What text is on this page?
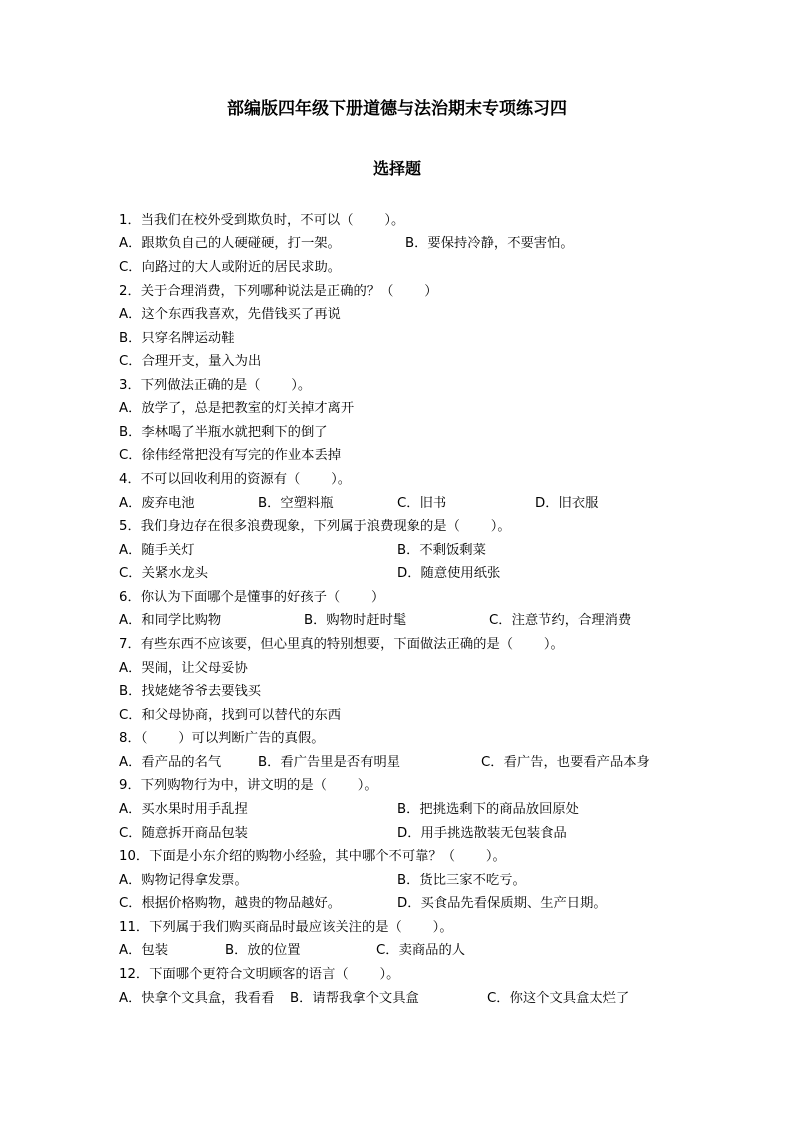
部编版四年级下册道德与法治期末专项练习四
选择题
1．当我们在校外受到欺负时，不可以（　　 ）。

A．跟欺负自己的人硬碰硬，打一架。

	B．要保持冷静，不要害怕。

C．向路过的大人或附近的居民求助。
2．关于合理消费，下列哪种说法是正确的？（　　 ）
A．这个东西我喜欢，先借钱买了再说
B．只穿名牌运动鞋
C．合理开支，量入为出
3．下列做法正确的是（　　 ）。
A．放学了，总是把教室的灯关掉才离开
B．李林喝了半瓶水就把剩下的倒了
C．徐伟经常把没有写完的作业本丢掉
4．不可以回收利用的资源有（　　 ）。

A．废弃电池

	B．空塑料瓶

	C．旧书

	D．旧衣服

5．我们身边存在很多浪费现象，下列属于浪费现象的是（　　 ）。

A．随手关灯

	B．不剩饭剩菜

C．关紧水龙头

	D．随意使用纸张

6．你认为下面哪个是懂事的好孩子（　　 ）

A．和同学比购物

	B．购物时赶时髦

	C．注意节约，合理消费

7．有些东西不应该要，但心里真的特别想要，下面做法正确的是（　　 ）。
A．哭闹，让父母妥协
B．找姥姥爷爷去要钱买
C．和父母协商，找到可以替代的东西
8．（　　 ）可以判断广告的真假。

A．看产品的名气

	B．看广告里是否有明星

	C．看广告，也要看产品本身

9．下列购物行为中，讲文明的是（　　 ）。

A．买水果时用手乱捏

	B．把挑选剩下的商品放回原处

C．随意拆开商品包装

	D．用手挑选散装无包装食品

10．下面是小东介绍的购物小经验，其中哪个不可靠？（　　 ）。

A．购物记得拿发票。

	B．货比三家不吃亏。

C．根据价格购物，越贵的物品越好。

	D．买食品先看保质期、生产日期。

11．下列属于我们购买商品时最应该关注的是（　　 ）。

A．包装

	B．放的位置

	C．卖商品的人

12．下面哪个更符合文明顾客的语言（　　 ）。

A．快拿个文具盒，我看看

B．请帮我拿个文具盒

	C．你这个文具盒太烂了
